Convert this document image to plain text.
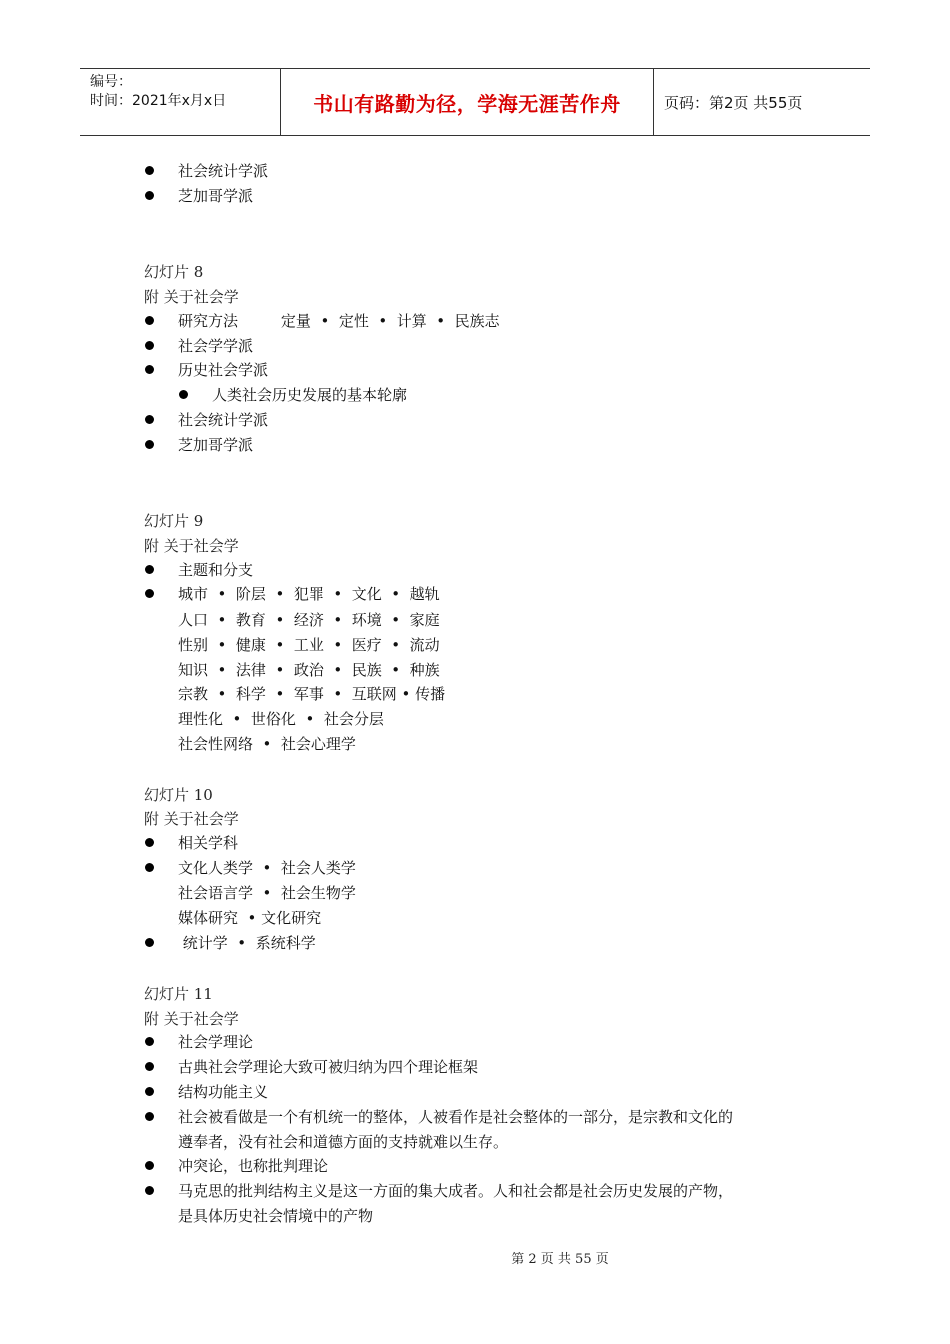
编号：
时间：2021年x月x日	书山有路勤为径，学海无涯苦作舟	页码：第2页 共55页
社会统计学派
芝加哥学派
幻灯片 8
附 关于社会学
研究方法         定量  •  定性  •  计算  •  民族志
社会学学派
历史社会学派
人类社会历史发展的基本轮廓
社会统计学派
芝加哥学派
幻灯片 9
附 关于社会学
主题和分支
城市  •  阶层  •  犯罪  •  文化  •  越轨
人口  •  教育  •  经济  •  环境  •  家庭
性别  •  健康  •  工业  •  医疗  •  流动
知识  •  法律  •  政治  •  民族  •  种族
宗教  •  科学  •  军事  •  互联网 • 传播
理性化  •  世俗化  •  社会分层
社会性网络  •  社会心理学
幻灯片 10
附 关于社会学
相关学科
文化人类学  •  社会人类学
社会语言学  •  社会生物学
媒体研究  • 文化研究
统计学  •  系统科学
幻灯片 11
附 关于社会学
社会学理论
古典社会学理论大致可被归纳为四个理论框架
结构功能主义
社会被看做是一个有机统一的整体，人被看作是社会整体的一部分，是宗教和文化的
遵奉者，没有社会和道德方面的支持就难以生存。
冲突论，也称批判理论
马克思的批判结构主义是这一方面的集大成者。人和社会都是社会历史发展的产物，
是具体历史社会情境中的产物
第 2 页 共 55 页
